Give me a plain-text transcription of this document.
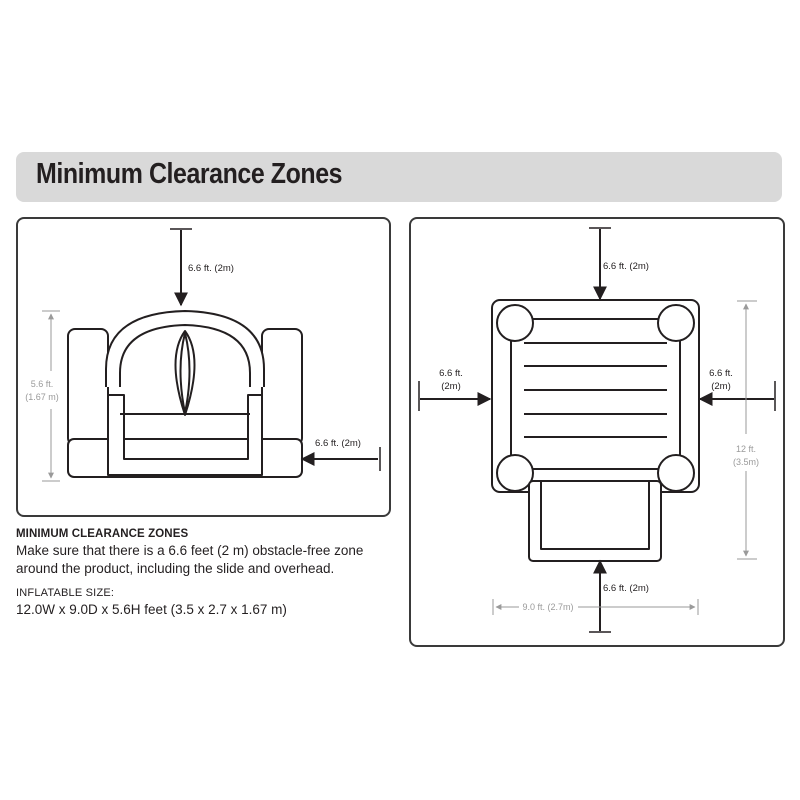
Minimum Clearance Zones
6.6 ft. (2m)
5.6 ft.
(1.67 m)
6.6 ft. (2m)
6.6 ft. (2m)
6.6 ft.
(2m)
6.6 ft.
(2m)
12 ft.
(3.5m)
6.6 ft. (2m)
9.0 ft. (2.7m)
MINIMUM CLEARANCE ZONES
Make sure that there is a 6.6 feet (2 m) obstacle-free zone around the product, including the slide and overhead.
INFLATABLE SIZE:
12.0W x 9.0D x 5.6H feet (3.5 x 2.7 x 1.67 m)
